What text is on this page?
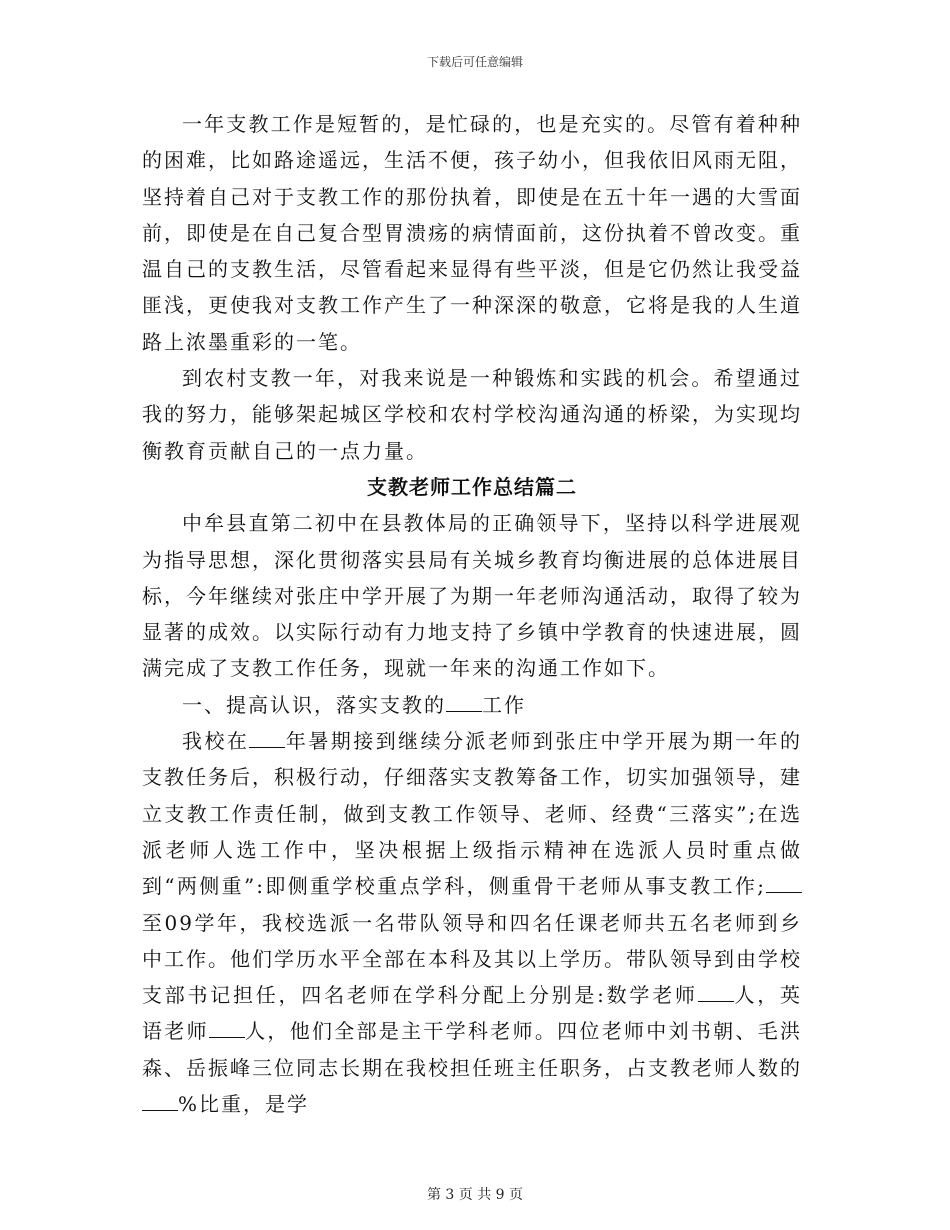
下载后可任意编辑

一年支教工作是短暂的，是忙碌的，也是充实的。尽管有着种种的困难，比如路途遥远，生活不便，孩子幼小，但我依旧风雨无阻，坚持着自己对于支教工作的那份执着，即使是在五十年一遇的大雪面前，即使是在自己复合型胃溃疡的病情面前，这份执着不曾改变。重温自己的支教生活，尽管看起来显得有些平淡，但是它仍然让我受益匪浅，更使我对支教工作产生了一种深深的敬意，它将是我的人生道路上浓墨重彩的一笔。

到农村支教一年，对我来说是一种锻炼和实践的机会。希望通过我的努力，能够架起城区学校和农村学校沟通沟通的桥梁，为实现均衡教育贡献自己的一点力量。

支教老师工作总结篇二

中牟县直第二初中在县教体局的正确领导下，坚持以科学进展观为指导思想，深化贯彻落实县局有关城乡教育均衡进展的总体进展目标，今年继续对张庄中学开展了为期一年老师沟通活动，取得了较为显著的成效。以实际行动有力地支持了乡镇中学教育的快速进展，圆满完成了支教工作任务，现就一年来的沟通工作如下。

一、提高认识，落实支教的 工作

我校在 年暑期接到继续分派老师到张庄中学开展为期一年的支教任务后，积极行动，仔细落实支教筹备工作，切实加强领导，建立支教工作责任制，做到支教工作领导、老师、经费“三落实”;在选派老师人选工作中，坚决根据上级指示精神在选派人员时重点做到“两侧重”:即侧重学校重点学科，侧重骨干老师从事支教工作;至09学年，我校选派一名带队领导和四名任课老师共五名老师到乡中工作。他们学历水平全部在本科及其以上学历。带队领导到由学校支部书记担任，四名老师在学科分配上分别是:数学老师 人，英语老师 人，他们全部是主干学科老师。四位老师中刘书朝、毛洪森、岳振峰三位同志长期在我校担任班主任职务，占支教老师人数的%比重，是学

第 3 页 共 9 页
